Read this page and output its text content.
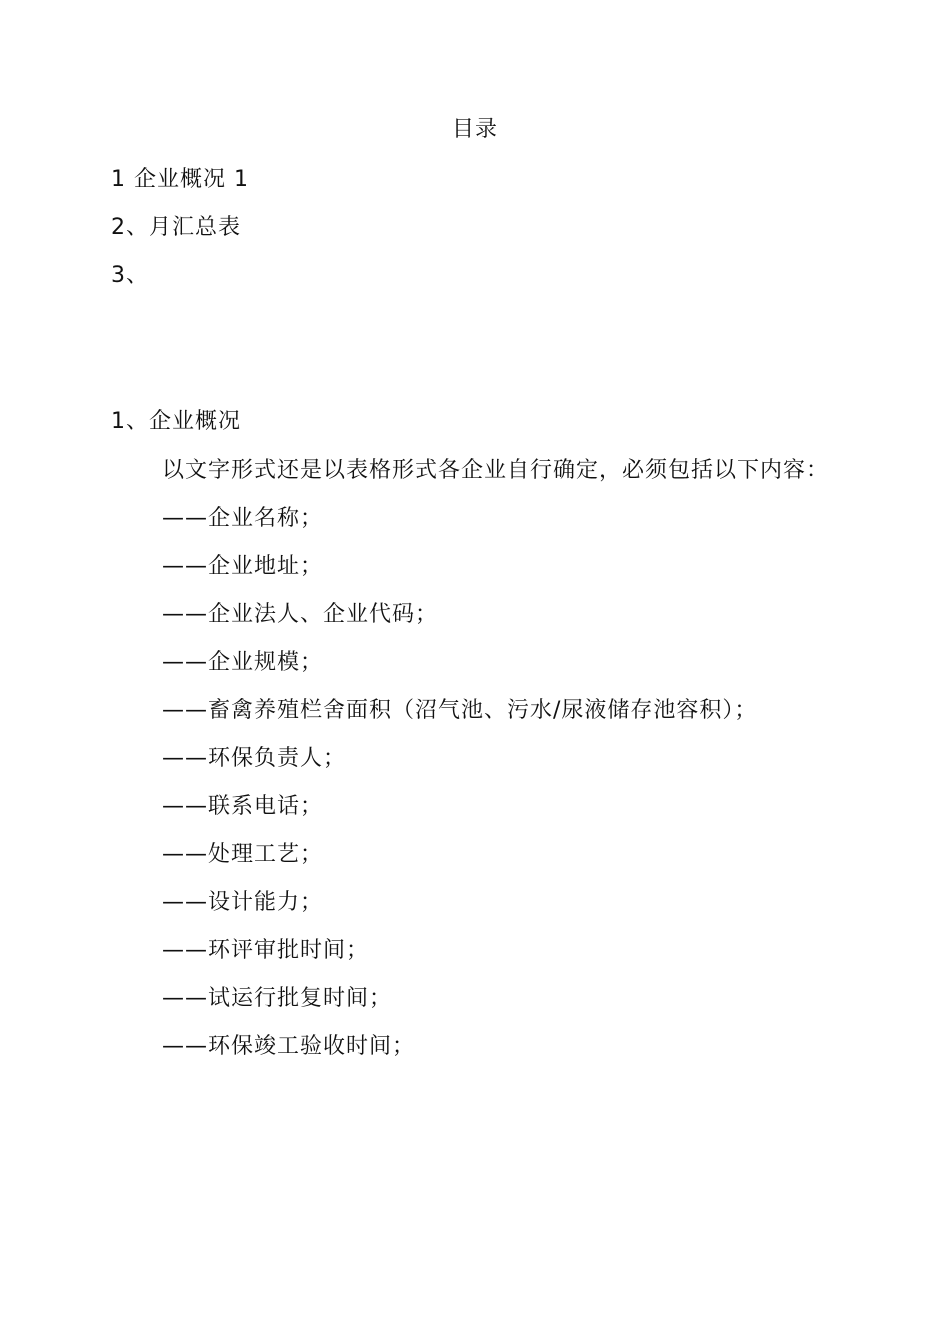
目录
1 企业概况 1
2、月汇总表
3、
1、企业概况
以文字形式还是以表格形式各企业自行确定，必须包括以下内容：
——企业名称；
——企业地址；
——企业法人、企业代码；
——企业规模；
——畜禽养殖栏舍面积（沼气池、污水/尿液储存池容积）；
——环保负责人；
——联系电话；
——处理工艺；
——设计能力；
——环评审批时间；
——试运行批复时间；
——环保竣工验收时间；
